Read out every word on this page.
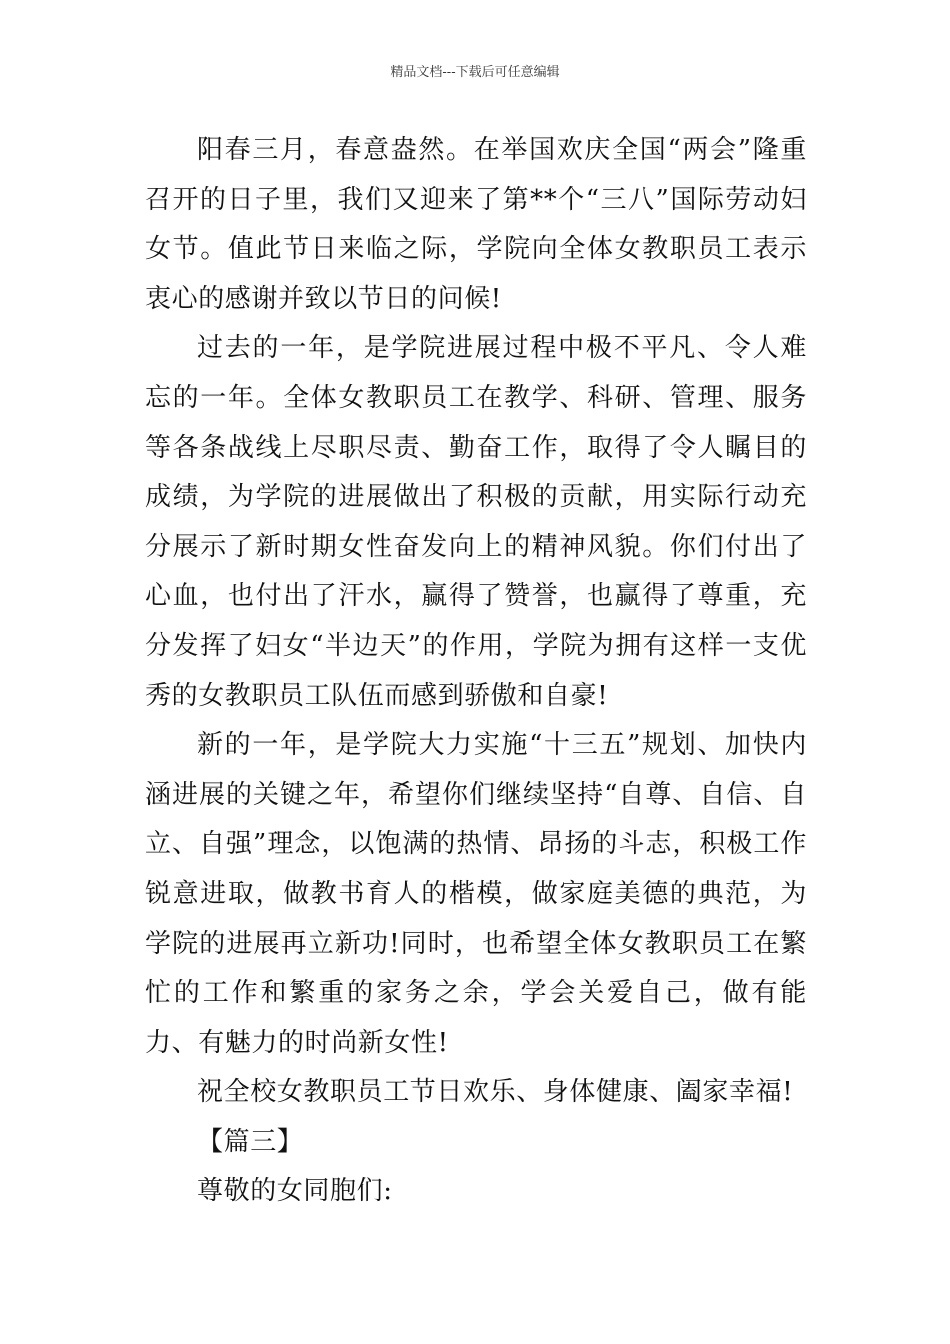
精品文档---下载后可任意编辑

阳春三月，春意盎然。在举国欢庆全国“两会”隆重召开的日子里，我们又迎来了第**个“三八”国际劳动妇女节。值此节日来临之际，学院向全体女教职员工表示衷心的感谢并致以节日的问候!

过去的一年，是学院进展过程中极不平凡、令人难忘的一年。全体女教职员工在教学、科研、管理、服务等各条战线上尽职尽责、勤奋工作，取得了令人瞩目的成绩，为学院的进展做出了积极的贡献，用实际行动充分展示了新时期女性奋发向上的精神风貌。你们付出了心血，也付出了汗水，赢得了赞誉，也赢得了尊重，充分发挥了妇女“半边天”的作用，学院为拥有这样一支优秀的女教职员工队伍而感到骄傲和自豪!

新的一年，是学院大力实施“十三五”规划、加快内涵进展的关键之年，希望你们继续坚持“自尊、自信、自立、自强”理念，以饱满的热情、昂扬的斗志，积极工作锐意进取，做教书育人的楷模，做家庭美德的典范，为学院的进展再立新功!同时，也希望全体女教职员工在繁忙的工作和繁重的家务之余，学会关爱自己，做有能力、有魅力的时尚新女性!

祝全校女教职员工节日欢乐、身体健康、阖家幸福!

【篇三】

尊敬的女同胞们:
